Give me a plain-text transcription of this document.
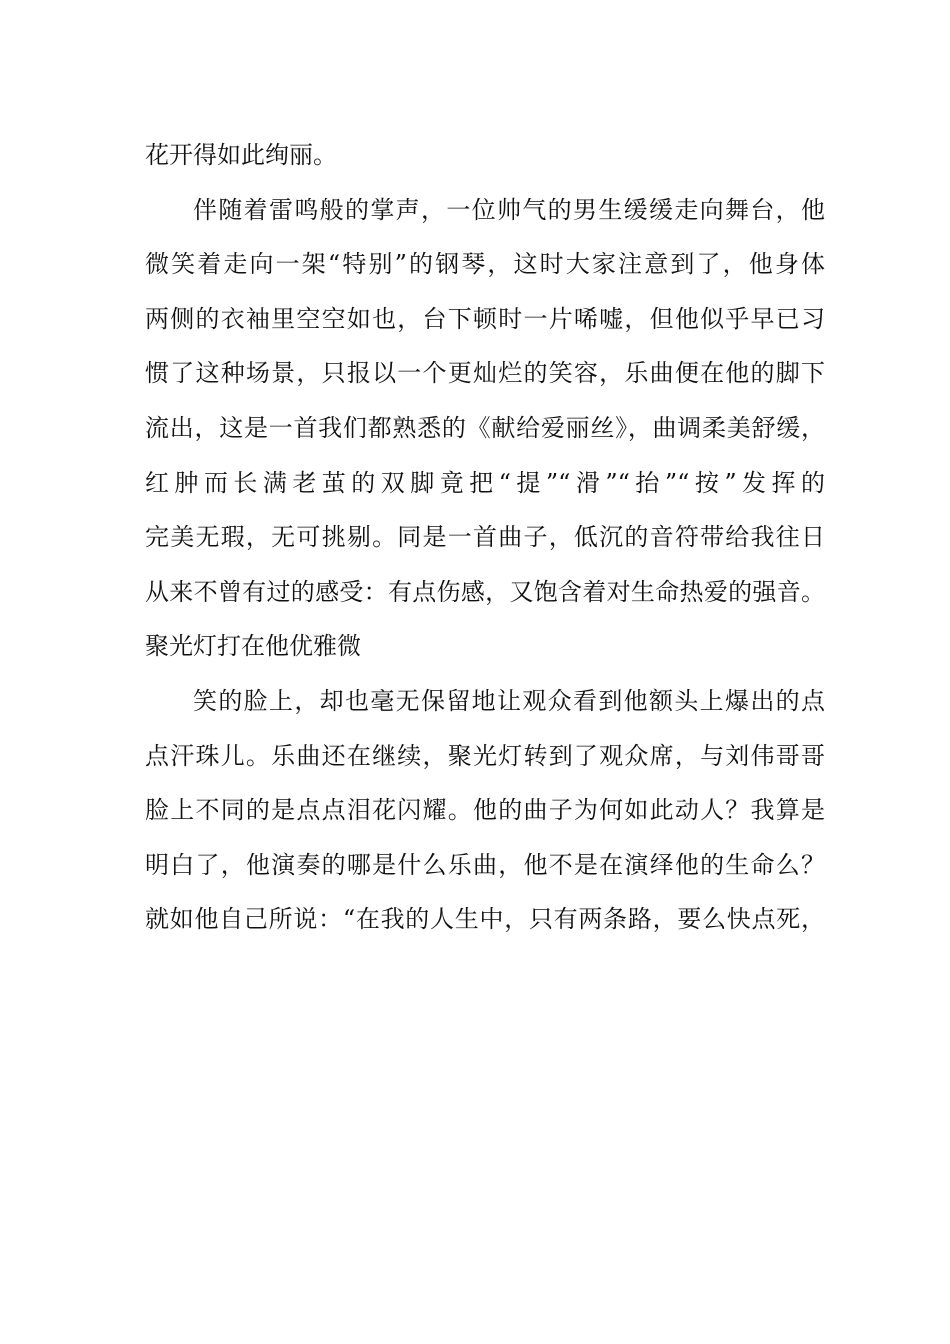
花开得如此绚丽。
伴随着雷鸣般的掌声，一位帅气的男生缓缓走向舞台，他
微笑着走向一架“特别”的钢琴，这时大家注意到了，他身体
两侧的衣袖里空空如也，台下顿时一片唏嘘，但他似乎早已习
惯了这种场景，只报以一个更灿烂的笑容，乐曲便在他的脚下
流出，这是一首我们都熟悉的《献给爱丽丝》，曲调柔美舒缓，
红肿而长满老茧的双脚竟把“提”“滑”“抬”“按”发挥的
完美无瑕，无可挑剔。同是一首曲子，低沉的音符带给我往日
从来不曾有过的感受：有点伤感，又饱含着对生命热爱的强音。
聚光灯打在他优雅微
笑的脸上，却也毫无保留地让观众看到他额头上爆出的点
点汗珠儿。乐曲还在继续，聚光灯转到了观众席，与刘伟哥哥
脸上不同的是点点泪花闪耀。他的曲子为何如此动人？我算是
明白了，他演奏的哪是什么乐曲，他不是在演绎他的生命么？
就如他自己所说：“在我的人生中，只有两条路，要么快点死，
